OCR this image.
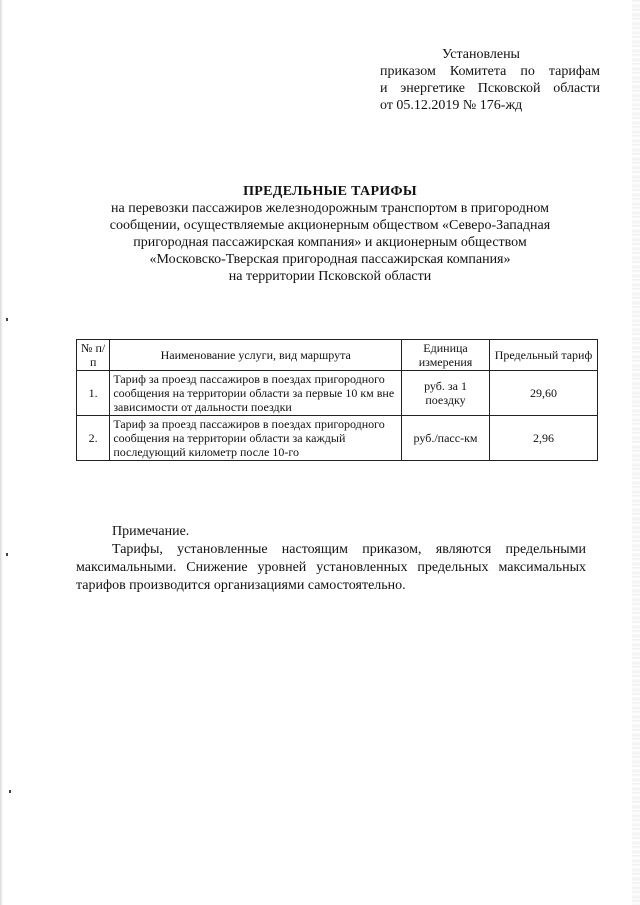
Установлены
приказом Комитета по тарифам
и энергетике Псковской области
от 05.12.2019 № 176-жд
ПРЕДЕЛЬНЫЕ ТАРИФЫ
на перевозки пассажиров железнодорожным транспортом в пригородном
сообщении, осуществляемые акционерным обществом «Северо-Западная
пригородная пассажирская компания» и акционерным обществом
«Московско-Тверская пригородная пассажирская компания»
на территории Псковской области
№ п/п	Наименование услуги, вид маршрута	Единица измерения	Предельный тариф
1.	Тариф за проезд пассажиров в поездах пригородного сообщения на территории области за первые 10 км вне зависимости от дальности поездки	руб. за 1 поездку	29,60
2.	Тариф за проезд пассажиров в поездах пригородного сообщения на территории области за каждый последующий километр после 10-го	руб./пасс-км	2,96
Примечание.
Тарифы, установленные настоящим приказом, являются предельными максимальными. Снижение уровней установленных предельных максимальных тарифов производится организациями самостоятельно.
